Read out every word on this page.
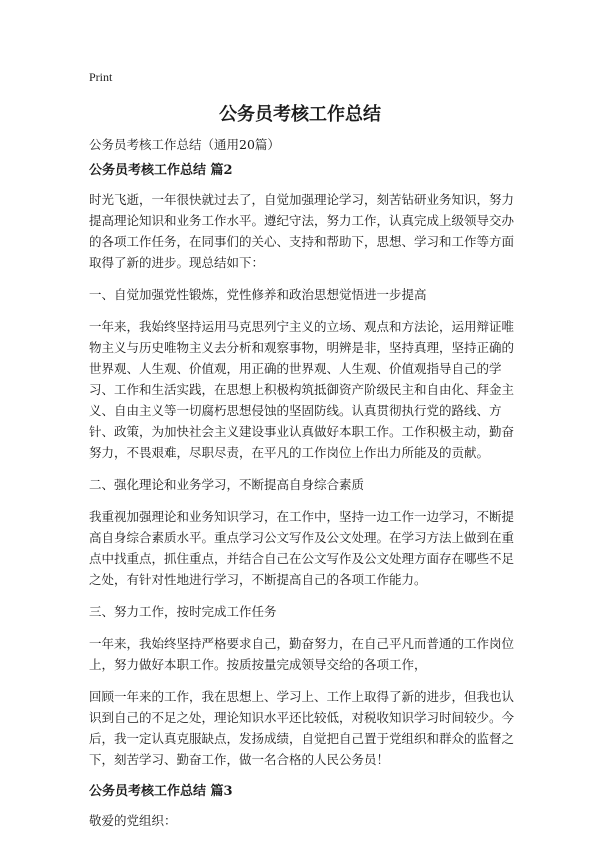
Print
公务员考核工作总结

公务员考核工作总结（通用20篇）

公务员考核工作总结 篇2

时光飞逝，一年很快就过去了，自觉加强理论学习，刻苦钻研业务知识，努力提高理论知识和业务工作水平。遵纪守法，努力工作，认真完成上级领导交办的各项工作任务，在同事们的关心、支持和帮助下，思想、学习和工作等方面取得了新的进步。现总结如下：

一、自觉加强党性锻炼，党性修养和政治思想觉悟进一步提高

一年来，我始终坚持运用马克思列宁主义的立场、观点和方法论，运用辩证唯物主义与历史唯物主义去分析和观察事物，明辨是非，坚持真理，坚持正确的世界观、人生观、价值观，用正确的世界观、人生观、价值观指导自己的学习、工作和生活实践，在思想上积极构筑抵御资产阶级民主和自由化、拜金主义、自由主义等一切腐朽思想侵蚀的坚固防线。认真贯彻执行党的路线、方针、政策，为加快社会主义建设事业认真做好本职工作。工作积极主动，勤奋努力，不畏艰难，尽职尽责，在平凡的工作岗位上作出力所能及的贡献。

二、强化理论和业务学习，不断提高自身综合素质

我重视加强理论和业务知识学习，在工作中，坚持一边工作一边学习，不断提高自身综合素质水平。重点学习公文写作及公文处理。在学习方法上做到在重点中找重点，抓住重点，并结合自己在公文写作及公文处理方面存在哪些不足之处，有针对性地进行学习，不断提高自己的各项工作能力。

三、努力工作，按时完成工作任务

一年来，我始终坚持严格要求自己，勤奋努力，在自己平凡而普通的工作岗位上，努力做好本职工作。按质按量完成领导交给的各项工作，

回顾一年来的工作，我在思想上、学习上、工作上取得了新的进步，但我也认识到自己的不足之处，理论知识水平还比较低，对税收知识学习时间较少。今后，我一定认真克服缺点，发扬成绩，自觉把自己置于党组织和群众的监督之下，刻苦学习、勤奋工作，做一名合格的人民公务员！

公务员考核工作总结 篇3

敬爱的党组织：
